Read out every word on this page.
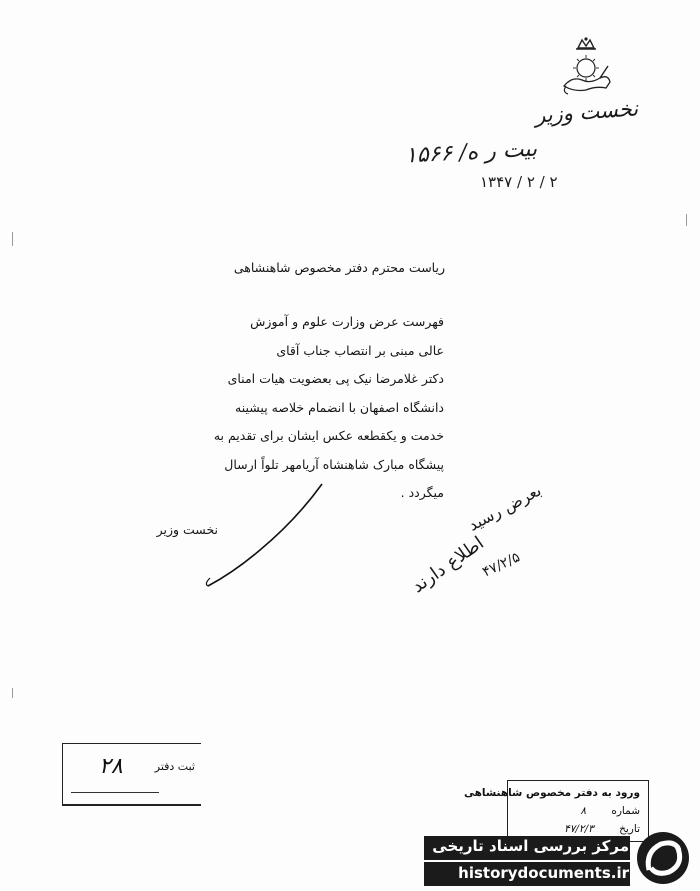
نخست وزیر
۱۵۶۶ /بیت ر ه
۱۳۴۷ / ۲ / ۲
ریاست محترم دفتر مخصوص شاهنشاهی
فهرست عرض وزارت علوم و آموزش
عالی مبنی بر انتصاب جناب آقای
دکتر غلامرضا نیک پی بعضویت هیات امنای
دانشگاه اصفهان با انضمام خلاصه پیشینه
خدمت و یکقطعه عکس ایشان برای تقدیم به
پیشگاه مبارک شاهنشاه آریامهر تلواً ارسال
میگردد .
نخست وزیر	بعرض رسید
۴۷/۲/۵
اطلاع دارند
ثبت دفتر
۲۸
ورود به دفتر مخصوص شاهنشاهی
شماره ۸
تاریخ ۴۷/۲/۳
مرکز بررسی اسناد تاریخی
historydocuments.ir
